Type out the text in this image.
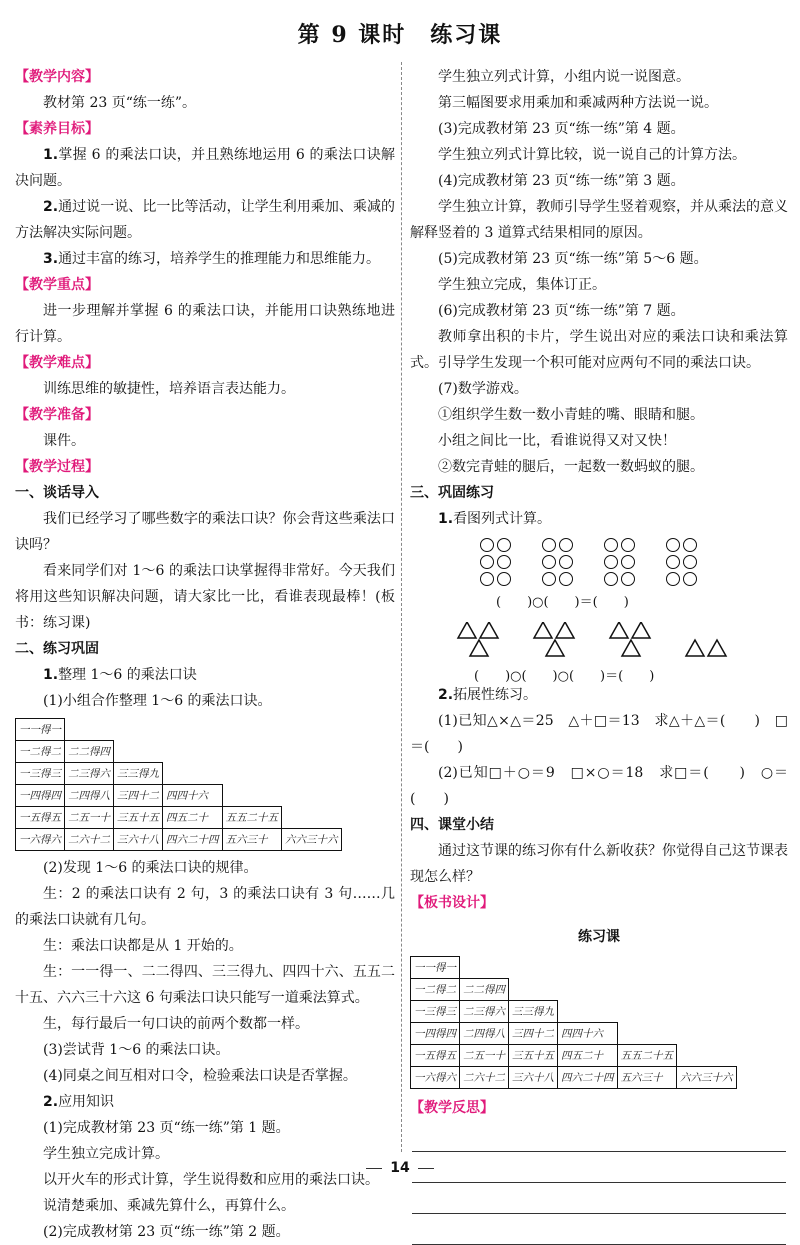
第 9 课时　练习课

【教学内容】

教材第 23 页“练一练”。

【素养目标】

1.掌握 6 的乘法口诀，并且熟练地运用 6 的乘法口诀解决问题。

2.通过说一说、比一比等活动，让学生利用乘加、乘减的方法解决实际问题。

3.通过丰富的练习，培养学生的推理能力和思维能力。

【教学重点】

进一步理解并掌握 6 的乘法口诀，并能用口诀熟练地进行计算。

【教学难点】

训练思维的敏捷性，培养语言表达能力。

【教学准备】

课件。

【教学过程】

一、谈话导入

我们已经学习了哪些数字的乘法口诀？你会背这些乘法口诀吗？

看来同学们对 1～6 的乘法口诀掌握得非常好。今天我们将用这些知识解决问题，请大家比一比，看谁表现最棒！(板书：练习课)

二、练习巩固

1.整理 1～6 的乘法口诀

(1)小组合作整理 1～6 的乘法口诀。

一一得一					
一二得二	二二得四				
一三得三	二三得六	三三得九			
一四得四	二四得八	三四十二	四四十六		
一五得五	二五一十	三五十五	四五二十	五五二十五	
一六得六	二六十二	三六十八	四六二十四	五六三十	六六三十六

(2)发现 1～6 的乘法口诀的规律。

生：2 的乘法口诀有 2 句，3 的乘法口诀有 3 句……几的乘法口诀就有几句。

生：乘法口诀都是从 1 开始的。

生：一一得一、二二得四、三三得九、四四十六、五五二十五、六六三十六这 6 句乘法口诀只能写一道乘法算式。

生，每行最后一句口诀的前两个数都一样。

(3)尝试背 1～6 的乘法口诀。

(4)同桌之间互相对口令，检验乘法口诀是否掌握。

2.应用知识

(1)完成教材第 23 页“练一练”第 1 题。

学生独立完成计算。

以开火车的形式计算，学生说得数和应用的乘法口诀。

说清楚乘加、乘减先算什么，再算什么。

(2)完成教材第 23 页“练一练”第 2 题。

学生独立列式计算，小组内说一说图意。

第三幅图要求用乘加和乘减两种方法说一说。

(3)完成教材第 23 页“练一练”第 4 题。

学生独立列式计算比较，说一说自己的计算方法。

(4)完成教材第 23 页“练一练”第 3 题。

学生独立计算，教师引导学生竖着观察，并从乘法的意义解释竖着的 3 道算式结果相同的原因。

(5)完成教材第 23 页“练一练”第 5～6 题。

学生独立完成，集体订正。

(6)完成教材第 23 页“练一练”第 7 题。

教师拿出积的卡片，学生说出对应的乘法口诀和乘法算式。引导学生发现一个积可能对应两句不同的乘法口诀。

(7)数学游戏。

①组织学生数一数小青蛙的嘴、眼睛和腿。

小组之间比一比，看谁说得又对又快！

②数完青蛙的腿后，一起数一数蚂蚁的腿。

三、巩固练习

1.看图列式计算。

(　　)○(　　)＝(　　)
(　　)○(　　)○(　　)＝(　　)

2.拓展性练习。

(1)已知△×△＝25　△＋□＝13　求△＋△＝(　　)　□＝(　　)

(2)已知□＋○＝9　□×○＝18　求□＝(　　)　○＝(　　)

四、课堂小结

通过这节课的练习你有什么新收获？你觉得自己这节课表现怎么样？

【板书设计】

练习课
一一得一					
一二得二	二二得四				
一三得三	二三得六	三三得九			
一四得四	二四得八	三四十二	四四十六		
一五得五	二五一十	三五十五	四五二十	五五二十五	
一六得六	二六十二	三六十八	四六二十四	五六三十	六六三十六
【教学反思】
14
